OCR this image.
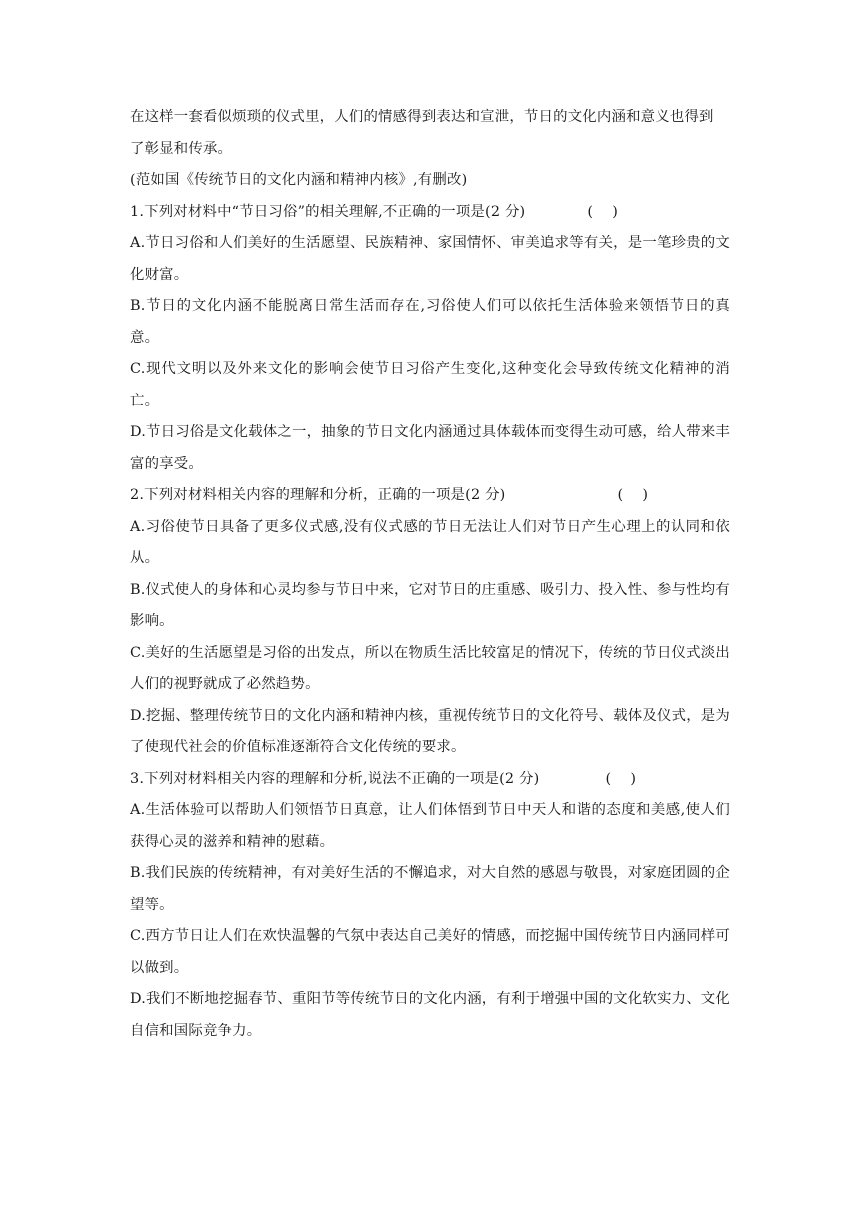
在这样一套看似烦琐的仪式里，人们的情感得到表达和宣泄，节日的文化内涵和意义也得到
了彰显和传承。

(范如国《传统节日的文化内涵和精神内核》,有删改)

1.下列对材料中“节日习俗”的相关理解,不正确的一项是(2 分)	(    )

A.节日习俗和人们美好的生活愿望、民族精神、家国情怀、审美追求等有关，是一笔珍贵的文化财富。

B.节日的文化内涵不能脱离日常生活而存在,习俗使人们可以依托生活体验来领悟节日的真意。

C.现代文明以及外来文化的影响会使节日习俗产生变化,这种变化会导致传统文化精神的消亡。

D.节日习俗是文化载体之一，抽象的节日文化内涵通过具体载体而变得生动可感，给人带来丰富的享受。

2.下列对材料相关内容的理解和分析，正确的一项是(2 分)	(    )

A.习俗使节日具备了更多仪式感,没有仪式感的节日无法让人们对节日产生心理上的认同和依从。

B.仪式使人的身体和心灵均参与节日中来，它对节日的庄重感、吸引力、投入性、参与性均有影响。

C.美好的生活愿望是习俗的出发点，所以在物质生活比较富足的情况下，传统的节日仪式淡出人们的视野就成了必然趋势。

D.挖掘、整理传统节日的文化内涵和精神内核，重视传统节日的文化符号、载体及仪式，是为了使现代社会的价值标准逐渐符合文化传统的要求。

3.下列对材料相关内容的理解和分析,说法不正确的一项是(2 分)	(    )

A.生活体验可以帮助人们领悟节日真意，让人们体悟到节日中天人和谐的态度和美感,使人们获得心灵的滋养和精神的慰藉。

B.我们民族的传统精神，有对美好生活的不懈追求，对大自然的感恩与敬畏，对家庭团圆的企望等。

C.西方节日让人们在欢快温馨的气氛中表达自己美好的情感，而挖掘中国传统节日内涵同样可以做到。

D.我们不断地挖掘春节、重阳节等传统节日的文化内涵，有利于增强中国的文化软实力、文化自信和国际竞争力。
